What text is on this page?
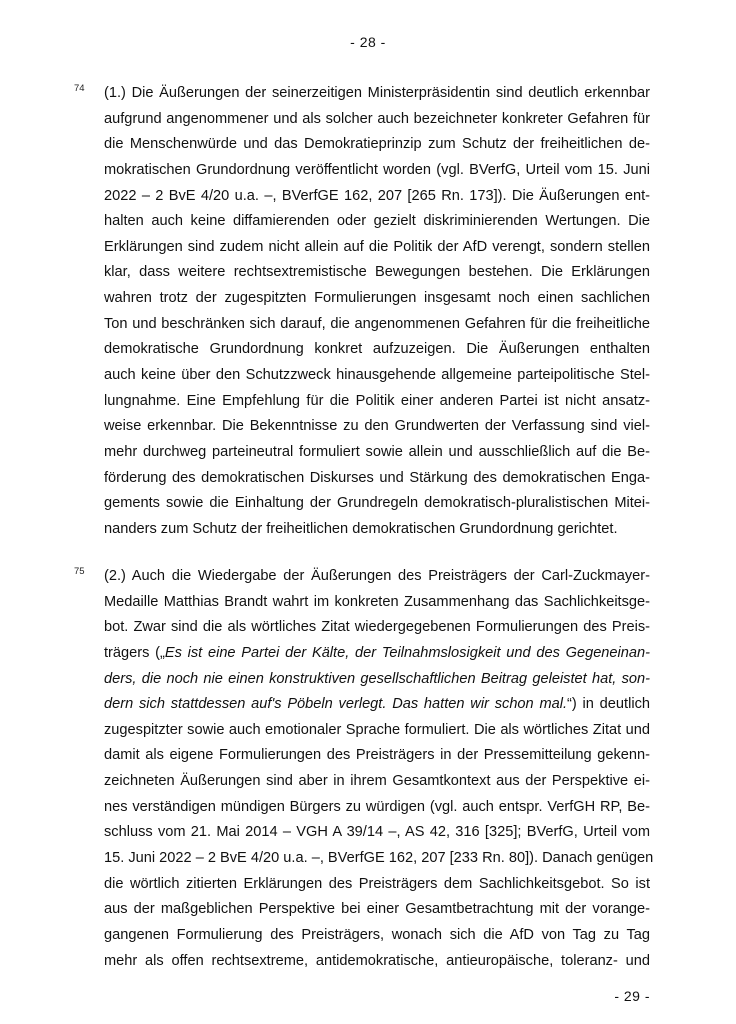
- 28 -
74 (1.) Die Äußerungen der seinerzeitigen Ministerpräsidentin sind deutlich erkennbar
aufgrund angenommener und als solcher auch bezeichneter konkreter Gefahren für
die Menschenwürde und das Demokratieprinzip zum Schutz der freiheitlichen de-
mokratischen Grundordnung veröffentlicht worden (vgl. BVerfG, Urteil vom 15. Juni
2022 – 2 BvE 4/20 u.a. –, BVerfGE 162, 207 [265 Rn. 173]). Die Äußerungen ent-
halten auch keine diffamierenden oder gezielt diskriminierenden Wertungen. Die
Erklärungen sind zudem nicht allein auf die Politik der AfD verengt, sondern stellen
klar, dass weitere rechtsextremistische Bewegungen bestehen. Die Erklärungen
wahren trotz der zugespitzten Formulierungen insgesamt noch einen sachlichen
Ton und beschränken sich darauf, die angenommenen Gefahren für die freiheitliche
demokratische Grundordnung konkret aufzuzeigen. Die Äußerungen enthalten
auch keine über den Schutzzweck hinausgehende allgemeine parteipolitische Stel-
lungnahme. Eine Empfehlung für die Politik einer anderen Partei ist nicht ansatz-
weise erkennbar. Die Bekenntnisse zu den Grundwerten der Verfassung sind viel-
mehr durchweg parteineutral formuliert sowie allein und ausschließlich auf die Be-
förderung des demokratischen Diskurses und Stärkung des demokratischen Enga-
gements sowie die Einhaltung der Grundregeln demokratisch-pluralistischen Mitei-
nanders zum Schutz der freiheitlichen demokratischen Grundordnung gerichtet.
75 (2.) Auch die Wiedergabe der Äußerungen des Preisträgers der Carl-Zuckmayer-
Medaille Matthias Brandt wahrt im konkreten Zusammenhang das Sachlichkeitsge-
bot. Zwar sind die als wörtliches Zitat wiedergegebenen Formulierungen des Preis-
trägers („Es ist eine Partei der Kälte, der Teilnahmslosigkeit und des Gegeneinan-
ders, die noch nie einen konstruktiven gesellschaftlichen Beitrag geleistet hat, son-
dern sich stattdessen auf's Pöbeln verlegt. Das hatten wir schon mal.“) in deutlich
zugespitzter sowie auch emotionaler Sprache formuliert. Die als wörtliches Zitat und
damit als eigene Formulierungen des Preisträgers in der Pressemitteilung gekenn-
zeichneten Äußerungen sind aber in ihrem Gesamtkontext aus der Perspektive ei-
nes verständigen mündigen Bürgers zu würdigen (vgl. auch entspr. VerfGH RP, Be-
schluss vom 21. Mai 2014 – VGH A 39/14 –, AS 42, 316 [325]; BVerfG, Urteil vom
15. Juni 2022 – 2 BvE 4/20 u.a. –, BVerfGE 162, 207 [233 Rn. 80]). Danach genügen
die wörtlich zitierten Erklärungen des Preisträgers dem Sachlichkeitsgebot. So ist
aus der maßgeblichen Perspektive bei einer Gesamtbetrachtung mit der vorange-
gangenen Formulierung des Preisträgers, wonach sich die AfD von Tag zu Tag
mehr als offen rechtsextreme, antidemokratische, antieuropäische, toleranz- und
- 29 -
